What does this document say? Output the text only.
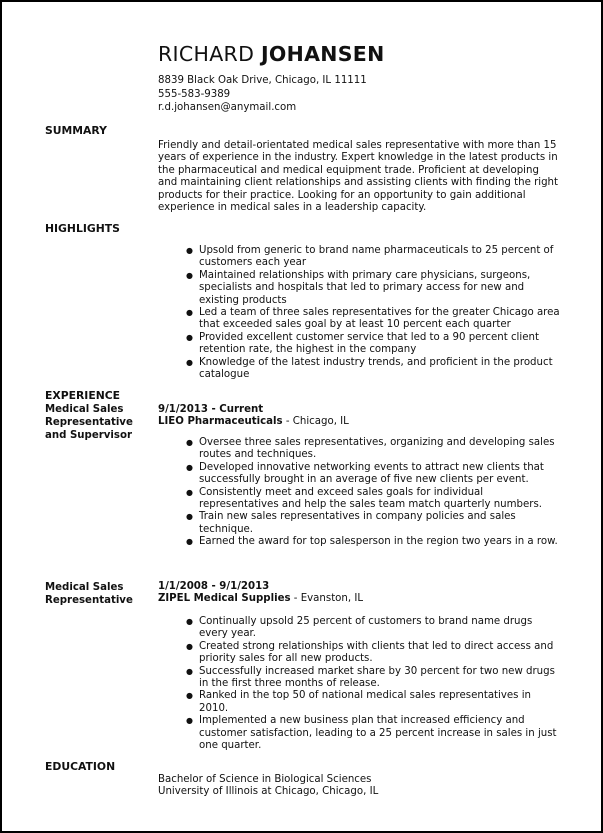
RICHARD JOHANSEN
8839 Black Oak Drive, Chicago, IL 11111
555-583-9389
r.d.johansen@anymail.com
SUMMARY
Friendly and detail-orientated medical sales representative with more than 15 years of experience in the industry. Expert knowledge in the latest products in the pharmaceutical and medical equipment trade. Proficient at developing and maintaining client relationships and assisting clients with finding the right products for their practice. Looking for an opportunity to gain additional experience in medical sales in a leadership capacity.
HIGHLIGHTS
● Upsold from generic to brand name pharmaceuticals to 25 percent of customers each year
● Maintained relationships with primary care physicians, surgeons, specialists and hospitals that led to primary access for new and existing products
● Led a team of three sales representatives for the greater Chicago area that exceeded sales goal by at least 10 percent each quarter
● Provided excellent customer service that led to a 90 percent client retention rate, the highest in the company
● Knowledge of the latest industry trends, and proficient in the product catalogue
EXPERIENCE
Medical Sales Representative and Supervisor
9/1/2013 - Current
LIEO Pharmaceuticals - Chicago, IL
● Oversee three sales representatives, organizing and developing sales routes and techniques.
● Developed innovative networking events to attract new clients that successfully brought in an average of five new clients per event.
● Consistently meet and exceed sales goals for individual representatives and help the sales team match quarterly numbers.
● Train new sales representatives in company policies and sales technique.
● Earned the award for top salesperson in the region two years in a row.
Medical Sales Representative
1/1/2008 - 9/1/2013
ZIPEL Medical Supplies - Evanston, IL
● Continually upsold 25 percent of customers to brand name drugs every year.
● Created strong relationships with clients that led to direct access and priority sales for all new products.
● Successfully increased market share by 30 percent for two new drugs in the first three months of release.
● Ranked in the top 50 of national medical sales representatives in 2010.
● Implemented a new business plan that increased efficiency and customer satisfaction, leading to a 25 percent increase in sales in just one quarter.
EDUCATION
Bachelor of Science in Biological Sciences
University of Illinois at Chicago, Chicago, IL
